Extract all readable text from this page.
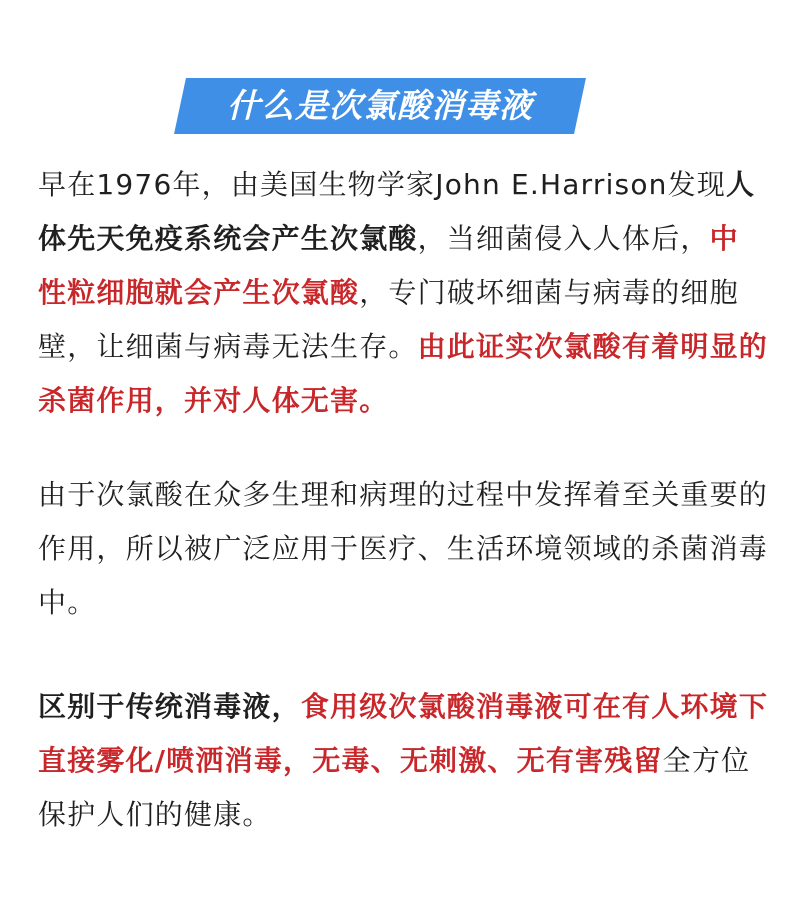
什么是次氯酸消毒液

早在1976年，由美国生物学家John E.Harrison发现人体先天免疫系统会产生次氯酸，当细菌侵入人体后，中性粒细胞就会产生次氯酸，专门破坏细菌与病毒的细胞壁，让细菌与病毒无法生存。由此证实次氯酸有着明显的杀菌作用，并对人体无害。

由于次氯酸在众多生理和病理的过程中发挥着至关重要的作用，所以被广泛应用于医疗、生活环境领域的杀菌消毒中。

区别于传统消毒液，食用级次氯酸消毒液可在有人环境下直接雾化/喷洒消毒，无毒、无刺激、无有害残留全方位保护人们的健康。
